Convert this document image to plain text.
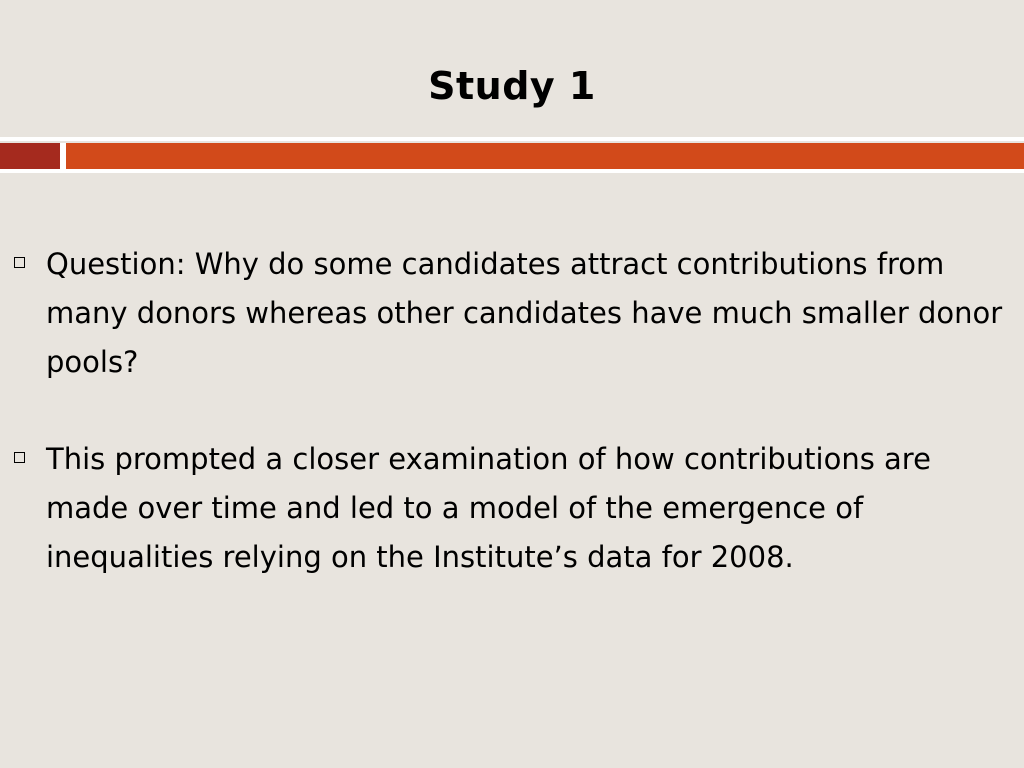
Study 1
Question: Why do some candidates attract contributions from many donors whereas other candidates have much smaller donor pools?
This prompted a closer examination of how contributions are made over time and led to a model of the emergence of inequalities relying on the Institute’s data for 2008.
